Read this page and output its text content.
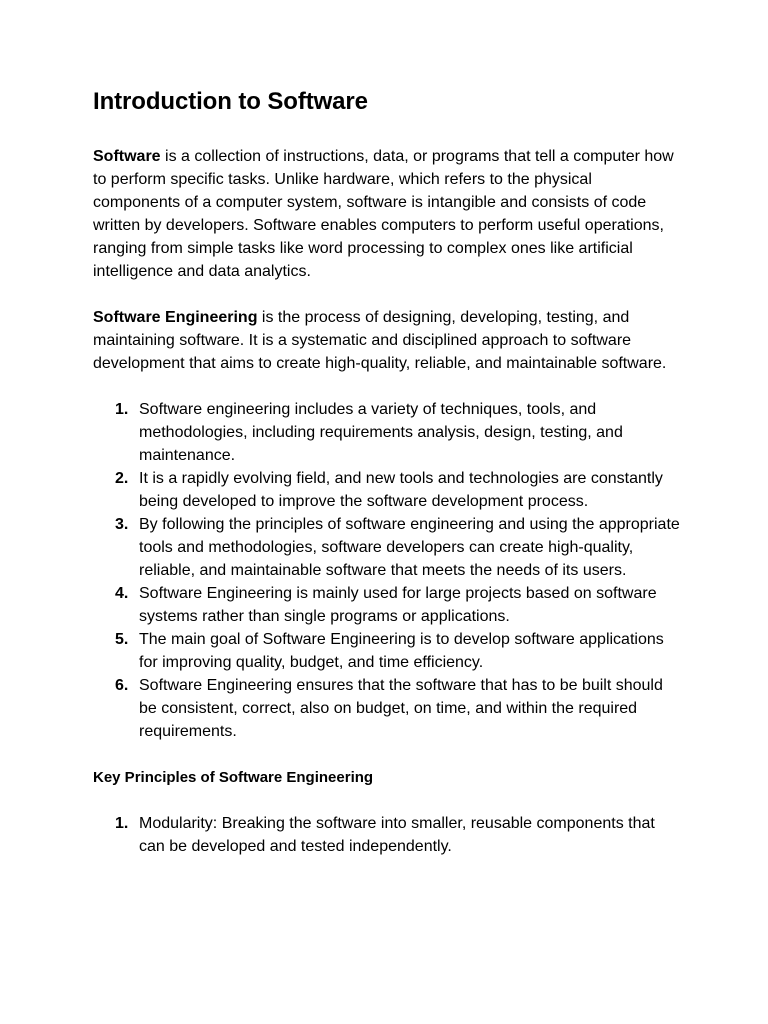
Introduction to Software

Software is a collection of instructions, data, or programs that tell a computer how to perform specific tasks. Unlike hardware, which refers to the physical components of a computer system, software is intangible and consists of code written by developers. Software enables computers to perform useful operations, ranging from simple tasks like word processing to complex ones like artificial intelligence and data analytics.

Software Engineering is the process of designing, developing, testing, and maintaining software. It is a systematic and disciplined approach to software development that aims to create high-quality, reliable, and maintainable software.

1. Software engineering includes a variety of techniques, tools, and methodologies, including requirements analysis, design, testing, and maintenance.
2. It is a rapidly evolving field, and new tools and technologies are constantly being developed to improve the software development process.
3. By following the principles of software engineering and using the appropriate tools and methodologies, software developers can create high-quality, reliable, and maintainable software that meets the needs of its users.
4. Software Engineering is mainly used for large projects based on software systems rather than single programs or applications.
5. The main goal of Software Engineering is to develop software applications for improving quality, budget, and time efficiency.
6. Software Engineering ensures that the software that has to be built should be consistent, correct, also on budget, on time, and within the required requirements.
Key Principles of Software Engineering
1. Modularity: Breaking the software into smaller, reusable components that can be developed and tested independently.
